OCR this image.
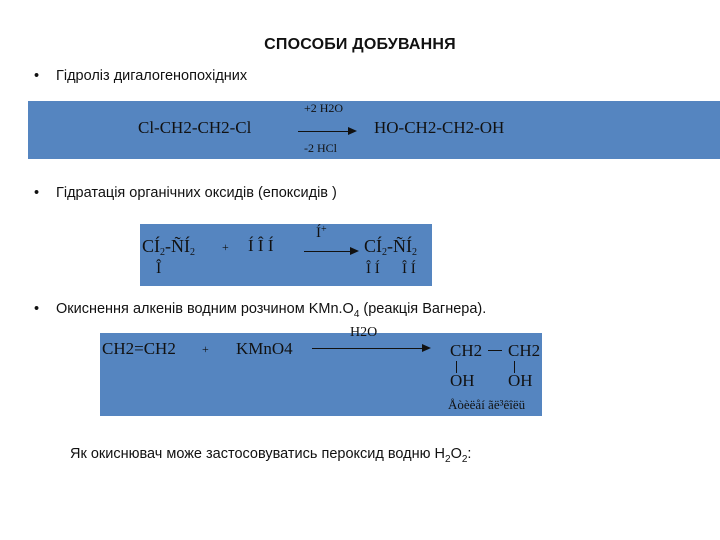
СПОСОБИ ДОБУВАННЯ
• Гідроліз дигалогенопохідних
Cl-CH2-CH2-Cl
+2 H2O
-2 HCl
HO-CH2-CH2-OH
• Гідратація органічних оксидів (епоксидів )
$CÍ_2-ÑÍ_2$
Î
+ Í Î Í
Í+
$CÍ_2-ÑÍ_2$
Î Í Î Í
• Окиснення алкенів водним розчином $KMn.O_4$ (реакція Вагнера).
CH2=CH2 + KMnO4
H2O
CH2 CH2
OH OH
Åòèëåí ãë³êîëü
Як окиснювач може застосовуватись пероксид водню $H_2O_2$:
